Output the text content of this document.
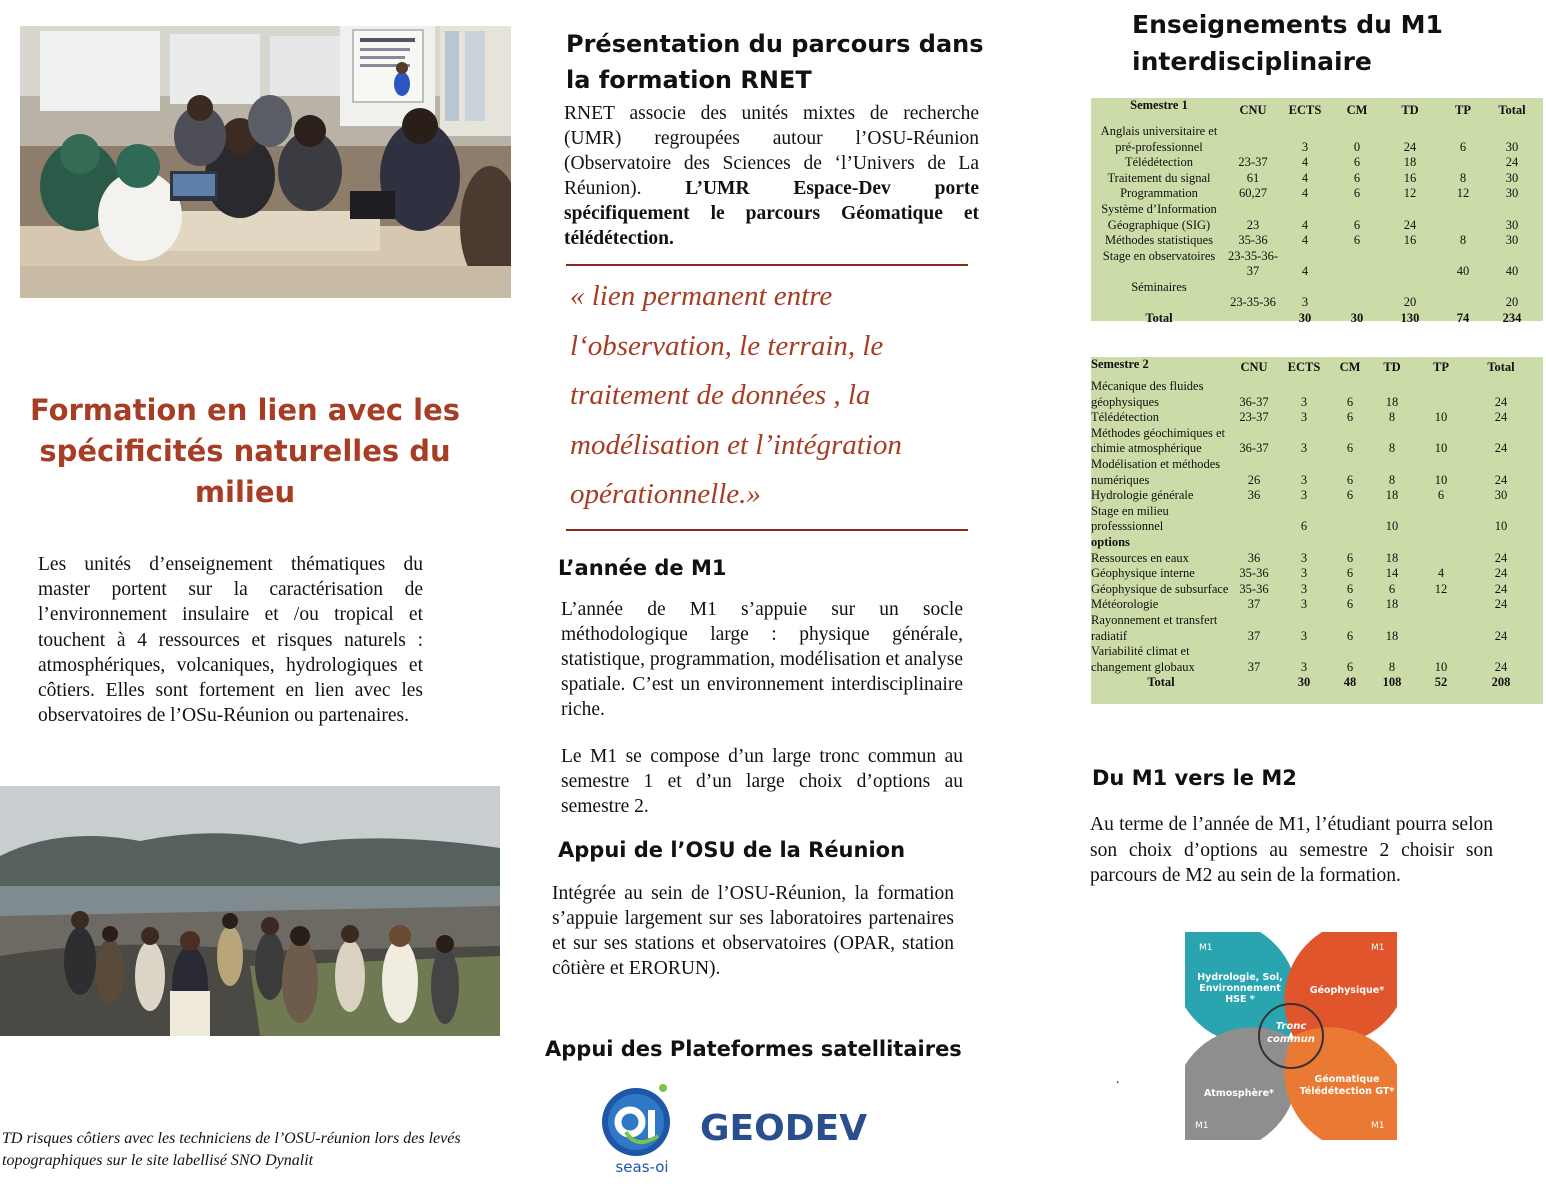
Formation en lien avec les spécificités naturelles du milieu
Les unités d’enseignement thématiques du master portent sur la caractérisation de l’environnement insulaire et /ou tropical et touchent à 4 ressources et risques naturels : atmosphériques, volcaniques, hydrologiques et côtiers. Elles sont fortement en lien avec les observatoires de l’OSu-Réunion ou partenaires.
TD risques côtiers avec les techniciens de l’OSU-réunion lors des levés topographiques sur le site labellisé SNO Dynalit
Présentation du parcours dans la formation RNET
RNET associe des unités mixtes de recherche (UMR) regroupées autour l’OSU-Réunion (Observatoire des Sciences de ‘l’Univers de La Réunion). L’UMR Espace-Dev porte spécifiquement le parcours Géomatique et télédétection.
« lien permanent entre l‘observation, le terrain, le traitement de données , la modélisation et l’intégration opérationnelle.»
L’année de M1
L’année de M1 s’appuie sur un socle méthodologique large : physique générale, statistique, programmation, modélisation et analyse spatiale. C’est un environnement interdisciplinaire riche.
Le M1 se compose d’un large tronc commun au semestre 1 et d’un large choix d’options au semestre 2.
Appui de l’OSU de la Réunion
Intégrée au sein de l’OSU-Réunion, la formation s’appuie largement sur ses laboratoires partenaires et sur ses stations et observatoires (OPAR, station côtière et ERORUN).
Appui des Plateformes satellitaires
seas-oi
GEODEV
Enseignements du M1 interdisciplinaire
Semestre 1	CNU	ECTS	CM	TD	TP	Total
Anglais universitaire et pré-professionnel		3	0	24	6	30
Télédétection	23-37	4	6	18		24
Traitement du signal	61	4	6	16	8	30
Programmation	60,27	4	6	12	12	30
Système d’Information Géographique (SIG)	23	4	6	24		30
Méthodes statistiques	35-36	4	6	16	8	30
Stage en observatoires	23-35-36-37	4			40	40
Séminaires	23-35-36	3		20		20
Total		30	30	130	74	234
Semestre 2	CNU	ECTS	CM	TD	TP	Total
Mécanique des fluides géophysiques	36-37	3	6	18		24
Télédétection	23-37	3	6	8	10	24
Méthodes géochimiques et chimie atmosphérique	36-37	3	6	8	10	24
Modélisation et méthodes numériques	26	3	6	8	10	24
Hydrologie générale	36	3	6	18	6	30
Stage en milieu professsionnel		6		10		10
options						
Ressources en eaux	36	3	6	18		24
Géophysique interne	35-36	3	6	14	4	24
Géophysique de subsurface	35-36	3	6	6	12	24
Météorologie	37	3	6	18		24
Rayonnement et transfert radiatif	37	3	6	18		24
Variabilité climat et changement globaux	37	3	6	8	10	24
Total		30	48	108	52	208
Du M1 vers le M2
Au terme de l’année de M1, l’étudiant pourra selon son choix d’options au semestre 2 choisir son parcours de M2 au sein de la formation.
.
M1	M1
M1	M1
Hydrologie, Sol, Environnement HSE *
Géophysique*
Atmosphère*
Géomatique Télédétection GT*
Tronc commun
